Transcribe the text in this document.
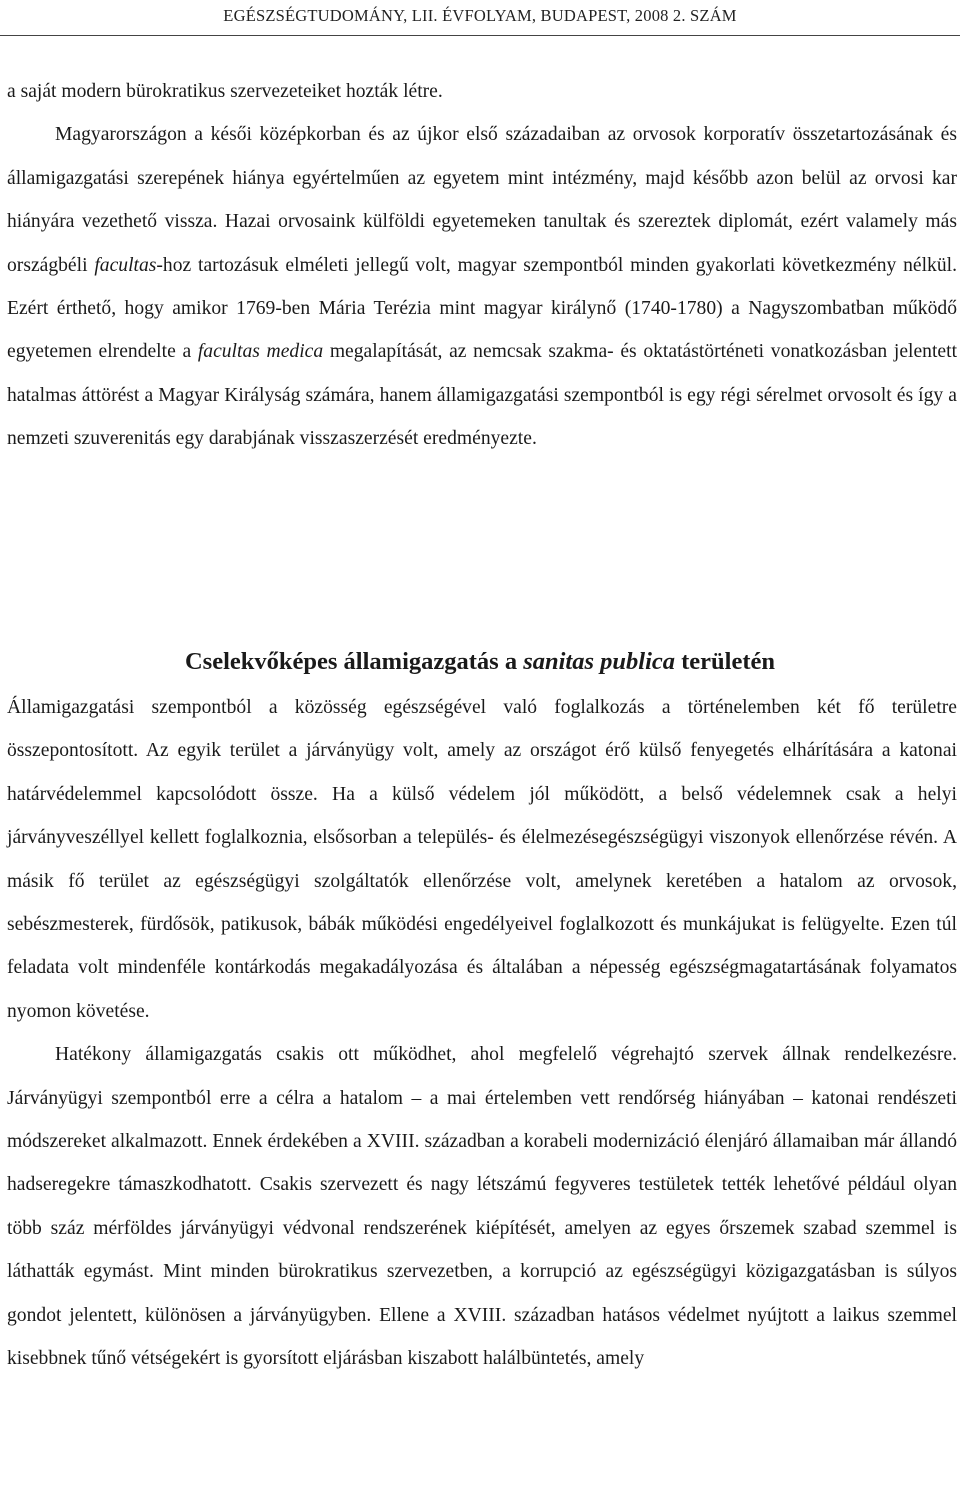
EGÉSZSÉGTUDOMÁNY, LII. ÉVFOLYAM, BUDAPEST, 2008 2. SZÁM

a saját modern bürokratikus szervezeteiket hozták létre.

Magyarországon a késői középkorban és az újkor első századaiban az orvosok korporatív összetartozásának és államigazgatási szerepének hiánya egyértelműen az egyetem mint intézmény, majd később azon belül az orvosi kar hiányára vezethető vissza. Hazai orvosaink külföldi egyetemeken tanultak és szereztek diplomát, ezért valamely más országbéli facultas-hoz tartozásuk elméleti jellegű volt, magyar szempontból minden gyakorlati következmény nélkül. Ezért érthető, hogy amikor 1769-ben Mária Terézia mint magyar királynő (1740-1780) a Nagyszombatban működő egyetemen elrendelte a facultas medica megalapítását, az nemcsak szakma- és oktatástörténeti vonatkozásban jelentett hatalmas áttörést a Magyar Királyság számára, hanem államigazgatási szempontból is egy régi sérelmet orvosolt és így a nemzeti szuverenitás egy darabjának visszaszerzését eredményezte.

Cselekvőképes államigazgatás a sanitas publica területén

Államigazgatási szempontból a közösség egészségével való foglalkozás a történelemben két fő területre összepontosított. Az egyik terület a járványügy volt, amely az országot érő külső fenyegetés elhárítására a katonai határvédelemmel kapcsolódott össze. Ha a külső védelem jól működött, a belső védelemnek csak a helyi járványveszéllyel kellett foglalkoznia, elsősorban a település- és élelmezésegészségügyi viszonyok ellenőrzése révén. A másik fő terület az egészségügyi szolgáltatók ellenőrzése volt, amelynek keretében a hatalom az orvosok, sebészmesterek, fürdősök, patikusok, bábák működési engedélyeivel foglalkozott és munkájukat is felügyelte. Ezen túl feladata volt mindenféle kontárkodás megakadályozása és általában a népesség egészségmagatartásának folyamatos nyomon követése.

Hatékony államigazgatás csakis ott működhet, ahol megfelelő végrehajtó szervek állnak rendelkezésre. Járványügyi szempontból erre a célra a hatalom – a mai értelemben vett rendőrség hiányában – katonai rendészeti módszereket alkalmazott. Ennek érdekében a XVIII. században a korabeli modernizáció élenjáró államaiban már állandó hadseregekre támaszkodhatott. Csakis szervezett és nagy létszámú fegyveres testületek tették lehetővé például olyan több száz mérföldes járványügyi védvonal rendszerének kiépítését, amelyen az egyes őrszemek szabad szemmel is láthatták egymást. Mint minden bürokratikus szervezetben, a korrupció az egészségügyi közigazgatásban is súlyos gondot jelentett, különösen a járványügyben. Ellene a XVIII. században hatásos védelmet nyújtott a laikus szemmel kisebbnek tűnő vétségekért is gyorsított eljárásban kiszabott halálbüntetés, amely
